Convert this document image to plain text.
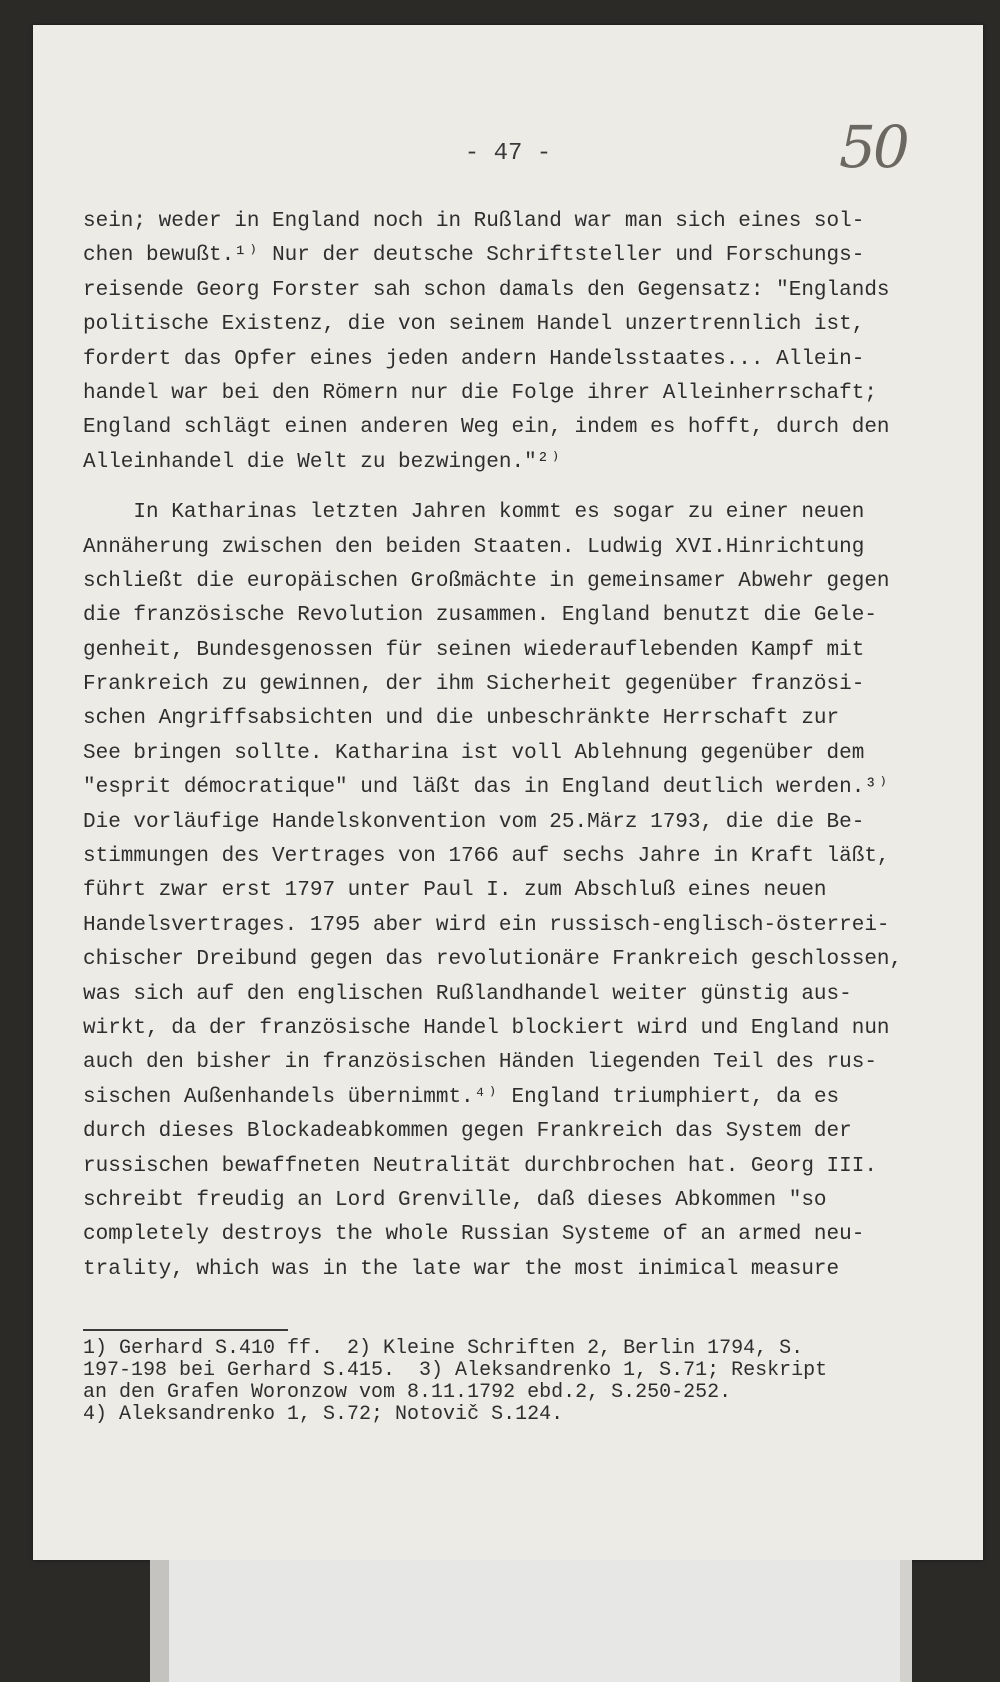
- 47 -	50
sein; weder in England noch in Rußland war man sich eines sol-
chen bewußt.¹⁾ Nur der deutsche Schriftsteller und Forschungs-
reisende Georg Forster sah schon damals den Gegensatz: "Englands
politische Existenz, die von seinem Handel unzertrennlich ist,
fordert das Opfer eines jeden andern Handelsstaates... Allein-
handel war bei den Römern nur die Folge ihrer Alleinherrschaft;
England schlägt einen anderen Weg ein, indem es hofft, durch den
Alleinhandel die Welt zu bezwingen."²⁾
In Katharinas letzten Jahren kommt es sogar zu einer neuen
Annäherung zwischen den beiden Staaten. Ludwig XVI.Hinrichtung
schließt die europäischen Großmächte in gemeinsamer Abwehr gegen
die französische Revolution zusammen. England benutzt die Gele-
genheit, Bundesgenossen für seinen wiederauflebenden Kampf mit
Frankreich zu gewinnen, der ihm Sicherheit gegenüber französi-
schen Angriffsabsichten und die unbeschränkte Herrschaft zur
See bringen sollte. Katharina ist voll Ablehnung gegenüber dem
"esprit démocratique" und läßt das in England deutlich werden.³⁾
Die vorläufige Handelskonvention vom 25.März 1793, die die Be-
stimmungen des Vertrages von 1766 auf sechs Jahre in Kraft läßt,
führt zwar erst 1797 unter Paul I. zum Abschluß eines neuen
Handelsvertrages. 1795 aber wird ein russisch-englisch-österrei-
chischer Dreibund gegen das revolutionäre Frankreich geschlossen,
was sich auf den englischen Rußlandhandel weiter günstig aus-
wirkt, da der französische Handel blockiert wird und England nun
auch den bisher in französischen Händen liegenden Teil des rus-
sischen Außenhandels übernimmt.⁴⁾ England triumphiert, da es
durch dieses Blockadeabkommen gegen Frankreich das System der
russischen bewaffneten Neutralität durchbrochen hat. Georg III.
schreibt freudig an Lord Grenville, daß dieses Abkommen "so
completely destroys the whole Russian Systeme of an armed neu-
trality, which was in the late war the most inimical measure
1) Gerhard S.410 ff.  2) Kleine Schriften 2, Berlin 1794, S.
197-198 bei Gerhard S.415.  3) Aleksandrenko 1, S.71; Reskript
an den Grafen Woronzow vom 8.11.1792 ebd.2, S.250-252.
4) Aleksandrenko 1, S.72; Notovič S.124.
